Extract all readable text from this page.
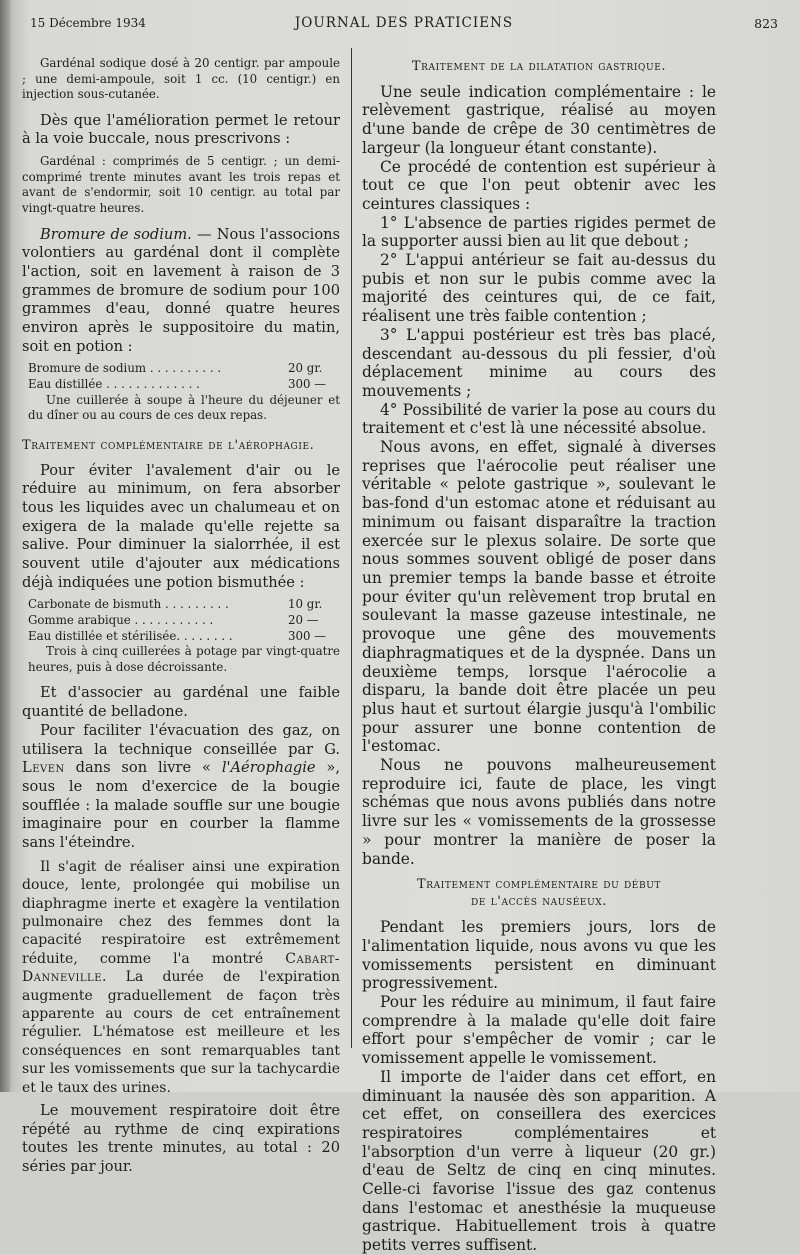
15 Décembre 1934	JOURNAL DES PRATICIENS	823

Gardénal sodique dosé à 20 centigr. par ampoule ; une demi-ampoule, soit 1 cc. (10 centigr.) en injection sous-cutanée.

Dès que l'amélioration permet le retour à la voie buccale, nous prescrivons :

Gardénal : comprimés de 5 centigr. ; un demi-comprimé trente minutes avant les trois repas et avant de s'endormir, soit 10 centigr. au total par vingt-quatre heures.

Bromure de sodium. — Nous l'associons volontiers au gardénal dont il complète l'action, soit en lavement à raison de 3 grammes de bromure de sodium pour 100 grammes d'eau, donné quatre heures environ après le suppositoire du matin, soit en potion :

Bromure de sodium . . . . . . . . . .	20 gr.
Eau distillée . . . . . . . . . . . . .	300 —

Une cuillerée à soupe à l'heure du déjeuner et du dîner ou au cours de ces deux repas.

Traitement complémentaire de l'aérophagie.

Pour éviter l'avalement d'air ou le réduire au minimum, on fera absorber tous les liquides avec un chalumeau et on exigera de la malade qu'elle rejette sa salive. Pour diminuer la sialorrhée, il est souvent utile d'ajouter aux médications déjà indiquées une potion bismuthée :

Carbonate de bismuth . . . . . . . . .	10 gr.
Gomme arabique . . . . . . . . . . .	20 —
Eau distillée et stérilisée. . . . . . . .	300 —

Trois à cinq cuillerées à potage par vingt-quatre heures, puis à dose décroissante.

Et d'associer au gardénal une faible quantité de belladone.

Pour faciliter l'évacuation des gaz, on utilisera la technique conseillée par G. Leven dans son livre « l'Aérophagie », sous le nom d'exercice de la bougie soufflée : la malade souffle sur une bougie imaginaire pour en courber la flamme sans l'éteindre.

Il s'agit de réaliser ainsi une expiration douce, lente, prolongée qui mobilise un diaphragme inerte et exagère la ventilation pulmonaire chez des femmes dont la capacité respiratoire est extrêmement réduite, comme l'a montré Cabart-Danneville. La durée de l'expiration augmente graduellement de façon très apparente au cours de cet entraînement régulier. L'hématose est meilleure et les conséquences en sont remarquables tant sur les vomissements que sur la tachycardie et le taux des urines.

Le mouvement respiratoire doit être répété au rythme de cinq expirations toutes les trente minutes, au total : 20 séries par jour.

Traitement de la dilatation gastrique.

Une seule indication complémentaire : le relèvement gastrique, réalisé au moyen d'une bande de crêpe de 30 centimètres de largeur (la longueur étant constante).

Ce procédé de contention est supérieur à tout ce que l'on peut obtenir avec les ceintures classiques :

1° L'absence de parties rigides permet de la supporter aussi bien au lit que debout ;

2° L'appui antérieur se fait au-dessus du pubis et non sur le pubis comme avec la majorité des ceintures qui, de ce fait, réalisent une très faible contention ;

3° L'appui postérieur est très bas placé, descendant au-dessous du pli fessier, d'où déplacement minime au cours des mouvements ;

4° Possibilité de varier la pose au cours du traitement et c'est là une nécessité absolue.

Nous avons, en effet, signalé à diverses reprises que l'aérocolie peut réaliser une véritable « pelote gastrique », soulevant le bas-fond d'un estomac atone et réduisant au minimum ou faisant disparaître la traction exercée sur le plexus solaire. De sorte que nous sommes souvent obligé de poser dans un premier temps la bande basse et étroite pour éviter qu'un relèvement trop brutal en soulevant la masse gazeuse intestinale, ne provoque une gêne des mouvements diaphragmatiques et de la dyspnée. Dans un deuxième temps, lorsque l'aérocolie a disparu, la bande doit être placée un peu plus haut et surtout élargie jusqu'à l'ombilic pour assurer une bonne contention de l'estomac.

Nous ne pouvons malheureusement reproduire ici, faute de place, les vingt schémas que nous avons publiés dans notre livre sur les « vomissements de la grossesse » pour montrer la manière de poser la bande.

Traitement complémentaire du début
de l'accès nauséeux.

Pendant les premiers jours, lors de l'alimentation liquide, nous avons vu que les vomissements persistent en diminuant progressivement.

Pour les réduire au minimum, il faut faire comprendre à la malade qu'elle doit faire effort pour s'empêcher de vomir ; car le vomissement appelle le vomissement.

Il importe de l'aider dans cet effort, en diminuant la nausée dès son apparition. A cet effet, on conseillera des exercices respiratoires complémentaires et l'absorption d'un verre à liqueur (20 gr.) d'eau de Seltz de cinq en cinq minutes. Celle-ci favorise l'issue des gaz contenus dans l'estomac et anesthésie la muqueuse gastrique. Habituellement trois à quatre petits verres suffisent.
